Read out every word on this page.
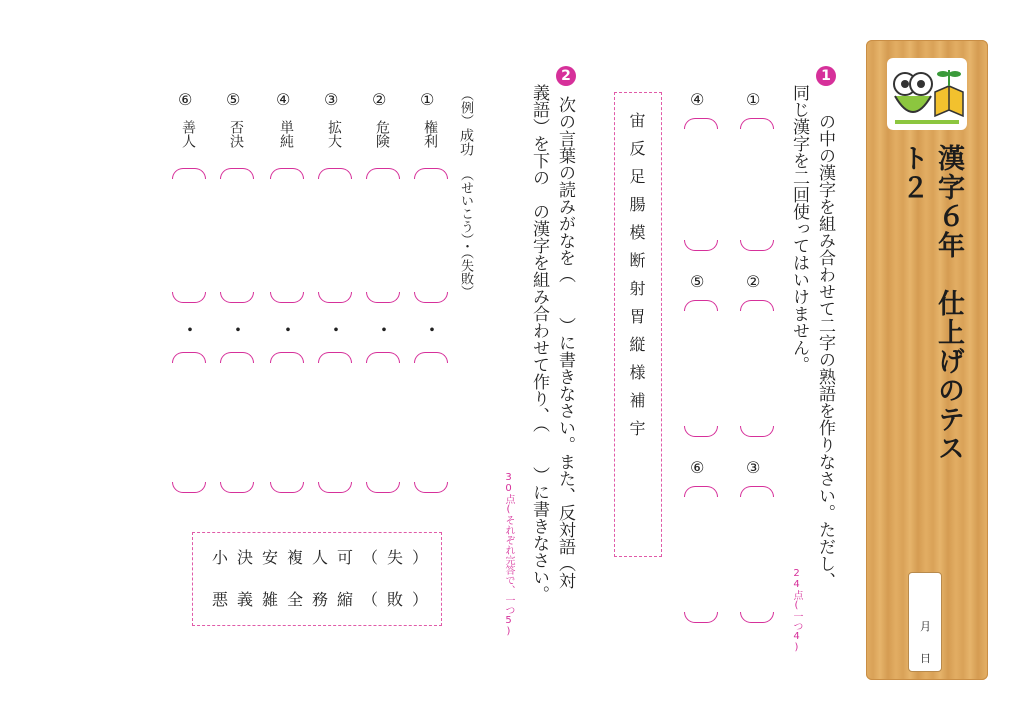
漢字６年　仕上げのテスト２
月
日
1
　の中の漢字を組み合わせて二字の熟語を作りなさい。ただし、
同じ漢字を二回使ってはいけません。
24点(一つ4)
宙反足腸模断射胃縦様補宇
①
②
③
④
⑤
⑥
2
次の言葉の読みがなを（　　）に書きなさい。また、反対語（対
義語）を下の　の漢字を組み合わせて作り、（　　）に書きなさい。
30点(それぞれ完答で、一つ5)
（例）
成功
（せいこう）・（失敗）
①
権利
・
②
危険
・
③
拡大
・
④
単純
・
⑤
否決
・
⑥
善人
・
小決安複人可（失）
悪義雑全務縮（敗）
